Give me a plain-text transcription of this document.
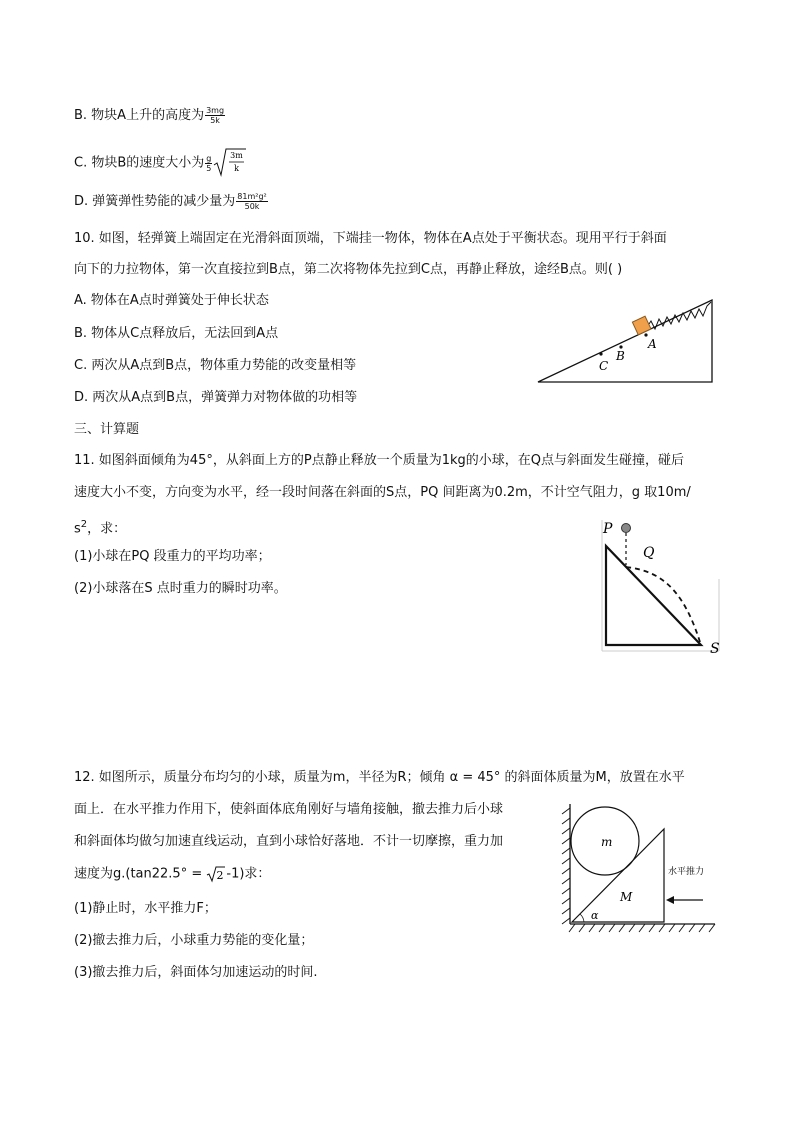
B. 物块A上升的高度为 $\frac{3mg}{5k}$
C. 物块B的速度大小为 $\frac{g}{5} 3m$
k
D. 弹簧弹性势能的减少量为 $\frac{\text{81m²g²}}{50k}$
10. 如图，轻弹簧上端固定在光滑斜面顶端，下端挂一物体，物体在A点处于平衡状态。现用平行于斜面
向下的力拉物体，第一次直接拉到B点，第二次将物体先拉到C点，再静止释放，途经B点。则( )
A. 物体在A点时弹簧处于伸长状态
B. 物体从C点释放后，无法回到A点
C. 两次从A点到B点，物体重力势能的改变量相等
D. 两次从A点到B点，弹簧弹力对物体做的功相等
A
B
C
三、计算题
11. 如图斜面倾角为45°，从斜面上方的P点静止释放一个质量为1kg的小球，在Q点与斜面发生碰撞，碰后
速度大小不变，方向变为水平，经一段时间落在斜面的S点，PQ 间距离为0.2m，不计空气阻力，g 取10m/
$s^2$，求：
(1)小球在PQ 段重力的平均功率；
(2)小球落在S 点时重力的瞬时功率。
P
Q
S
12. 如图所示，质量分布均匀的小球，质量为m，半径为R；倾角 α = 45° 的斜面体质量为M，放置在水平
面上．在水平推力作用下，使斜面体底角刚好与墙角接触，撤去推力后小球
和斜面体均做匀加速直线运动，直到小球恰好落地．不计一切摩擦，重力加
速度为g.(tan22.5° = 2 -1)求：
(1)静止时，水平推力F；
(2)撤去推力后，小球重力势能的变化量；
(3)撤去推力后，斜面体匀加速运动的时间.
m
M
α
水平推力
